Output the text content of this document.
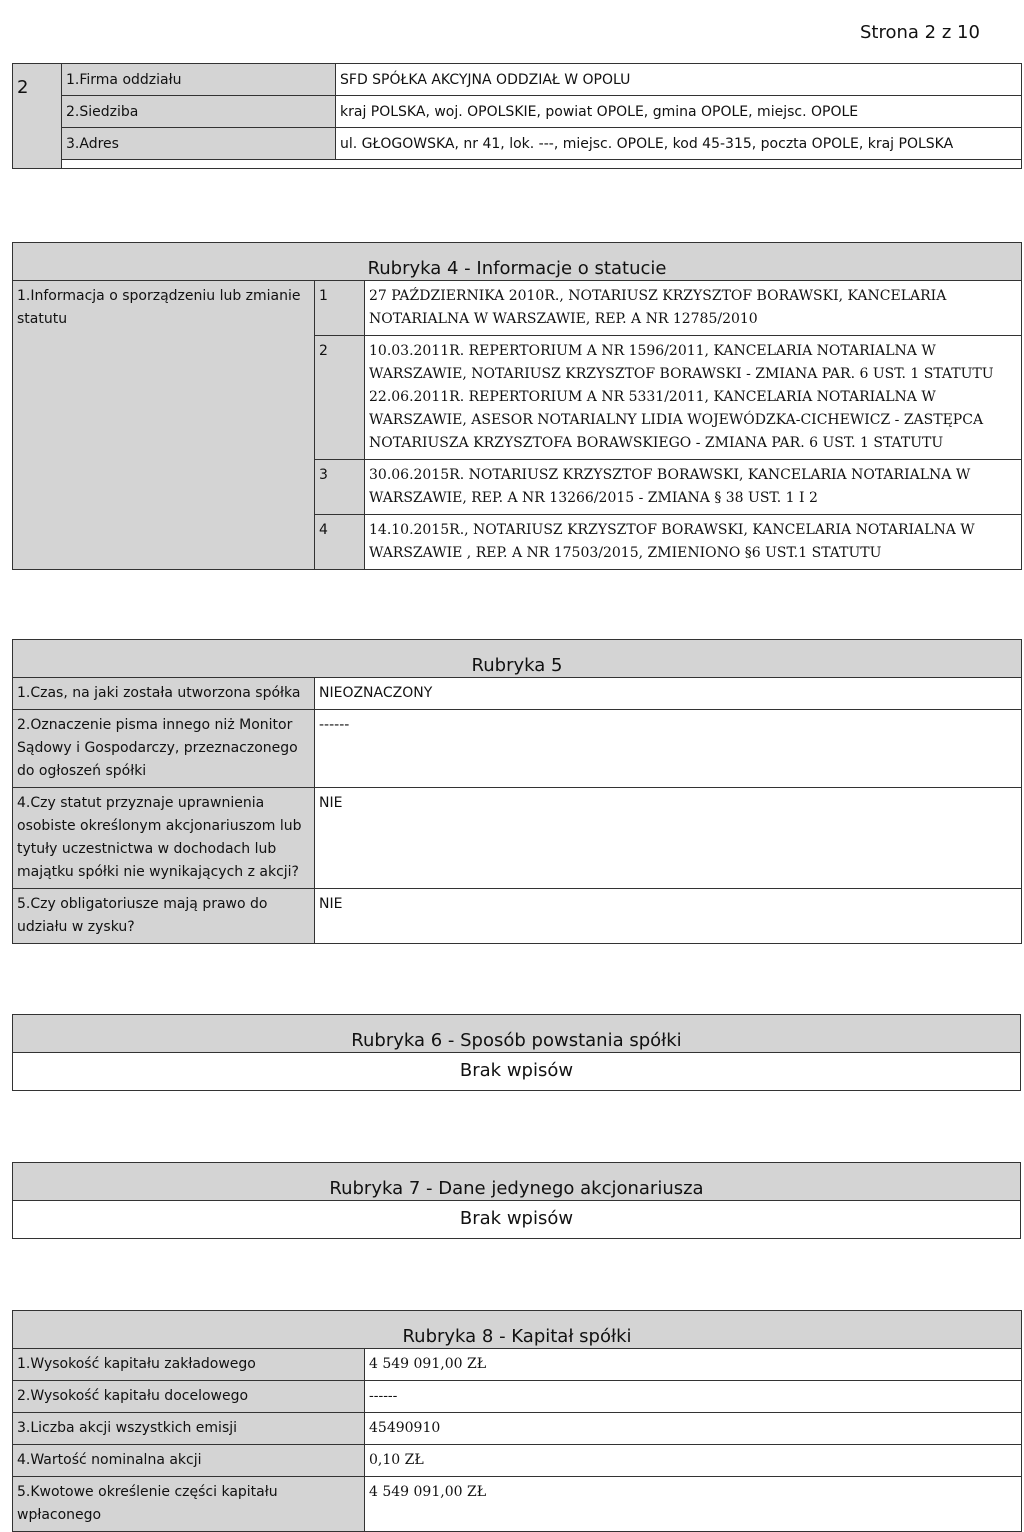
Strona 2 z 10
2	1.Firma oddziału	SFD SPÓŁKA AKCYJNA ODDZIAŁ W OPOLU
	2.Siedziba	kraj POLSKA, woj. OPOLSKIE, powiat OPOLE, gmina OPOLE, miejsc. OPOLE
	3.Adres	ul. GŁOGOWSKA, nr 41, lok. ---, miejsc. OPOLE, kod 45-315, poczta OPOLE, kraj POLSKA

Rubryka 4 - Informacje o statucie		
1.Informacja o sporządzeniu lub zmianie statutu	1	27 PAŹDZIERNIKA 2010R., NOTARIUSZ KRZYSZTOF BORAWSKI, KANCELARIA NOTARIALNA W WARSZAWIE, REP. A NR 12785/2010
	2	10.03.2011R. REPERTORIUM A NR 1596/2011, KANCELARIA NOTARIALNA W WARSZAWIE, NOTARIUSZ KRZYSZTOF BORAWSKI - ZMIANA PAR. 6 UST. 1 STATUTU
22.06.2011R. REPERTORIUM A NR 5331/2011, KANCELARIA NOTARIALNA W WARSZAWIE, ASESOR NOTARIALNY LIDIA WOJEWÓDZKA-CICHEWICZ - ZASTĘPCA NOTARIUSZA KRZYSZTOFA BORAWSKIEGO - ZMIANA PAR. 6 UST. 1 STATUTU
	3	30.06.2015R. NOTARIUSZ KRZYSZTOF BORAWSKI, KANCELARIA NOTARIALNA W WARSZAWIE, REP. A NR 13266/2015 - ZMIANA § 38 UST. 1 I 2
	4	14.10.2015R., NOTARIUSZ KRZYSZTOF BORAWSKI, KANCELARIA NOTARIALNA W WARSZAWIE , REP. A NR 17503/2015, ZMIENIONO §6 UST.1 STATUTU
Rubryka 5	
1.Czas, na jaki została utworzona spółka	NIEOZNACZONY
2.Oznaczenie pisma innego niż Monitor Sądowy i Gospodarczy, przeznaczonego do ogłoszeń spółki	------
4.Czy statut przyznaje uprawnienia osobiste określonym akcjonariuszom lub tytuły uczestnictwa w dochodach lub majątku spółki nie wynikających z akcji?	NIE
5.Czy obligatoriusze mają prawo do udziału w zysku?	NIE
Rubryka 6 - Sposób powstania spółki
Brak wpisów
Rubryka 7 - Dane jedynego akcjonariusza
Brak wpisów
Rubryka 8 - Kapitał spółki	
1.Wysokość kapitału zakładowego	4 549 091,00 ZŁ
2.Wysokość kapitału docelowego	------
3.Liczba akcji wszystkich emisji	45490910
4.Wartość nominalna akcji	0,10 ZŁ
5.Kwotowe określenie części kapitału wpłaconego	4 549 091,00 ZŁ
